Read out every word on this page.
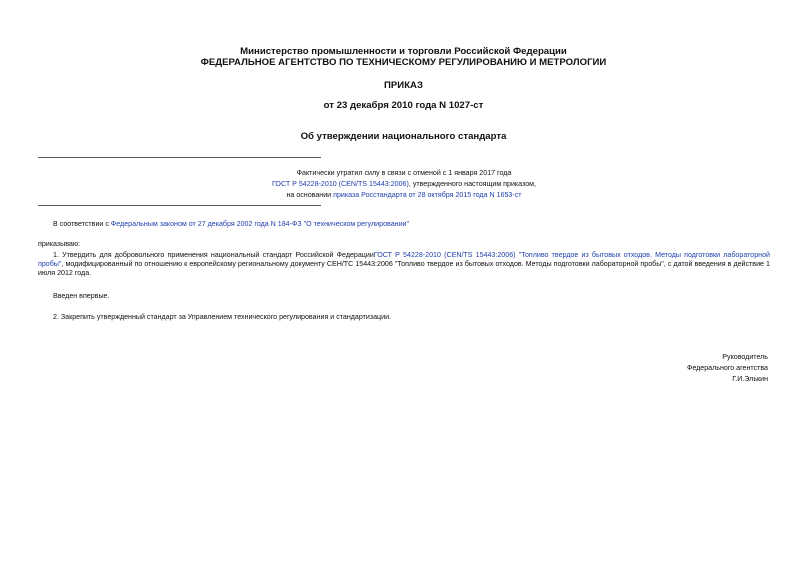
Министерство промышленности и торговли Российской Федерации
ФЕДЕРАЛЬНОЕ АГЕНТСТВО ПО ТЕХНИЧЕСКОМУ РЕГУЛИРОВАНИЮ И МЕТРОЛОГИИ
ПРИКАЗ
от 23 декабря 2010 года N 1027-ст
Об утверждении национального стандарта
Фактически утратил силу в связи с отменой с 1 января 2017 года
ГОСТ Р 54228-2010 (CEN/TS 15443:2006), утвержденного настоящим приказом,
на основании приказа Росстандарта от 28 октября 2015 года N 1653-ст
В соответствии с Федеральным законом от 27 декабря 2002 года N 184-ФЗ "О техническом регулировании"
приказываю:
1. Утвердить для добровольного применения национальный стандарт Российской ФедерацииГОСТ Р 54228-2010 (CEN/TS 15443:2006) "Топливо твердое из бытовых отходов. Методы подготовки лабораторной пробы", модифицированный по отношению к европейскому региональному документу СЕН/ТС 15443:2006 "Топливо твердое из бытовых отходов. Методы подготовки лабораторной пробы", с датой введения в действие 1 июля 2012 года.
Введен впервые.
2. Закрепить утвержденный стандарт за Управлением технического регулирования и стандартизации.
Руководитель
Федерального агентства
Г.И.Элькин
